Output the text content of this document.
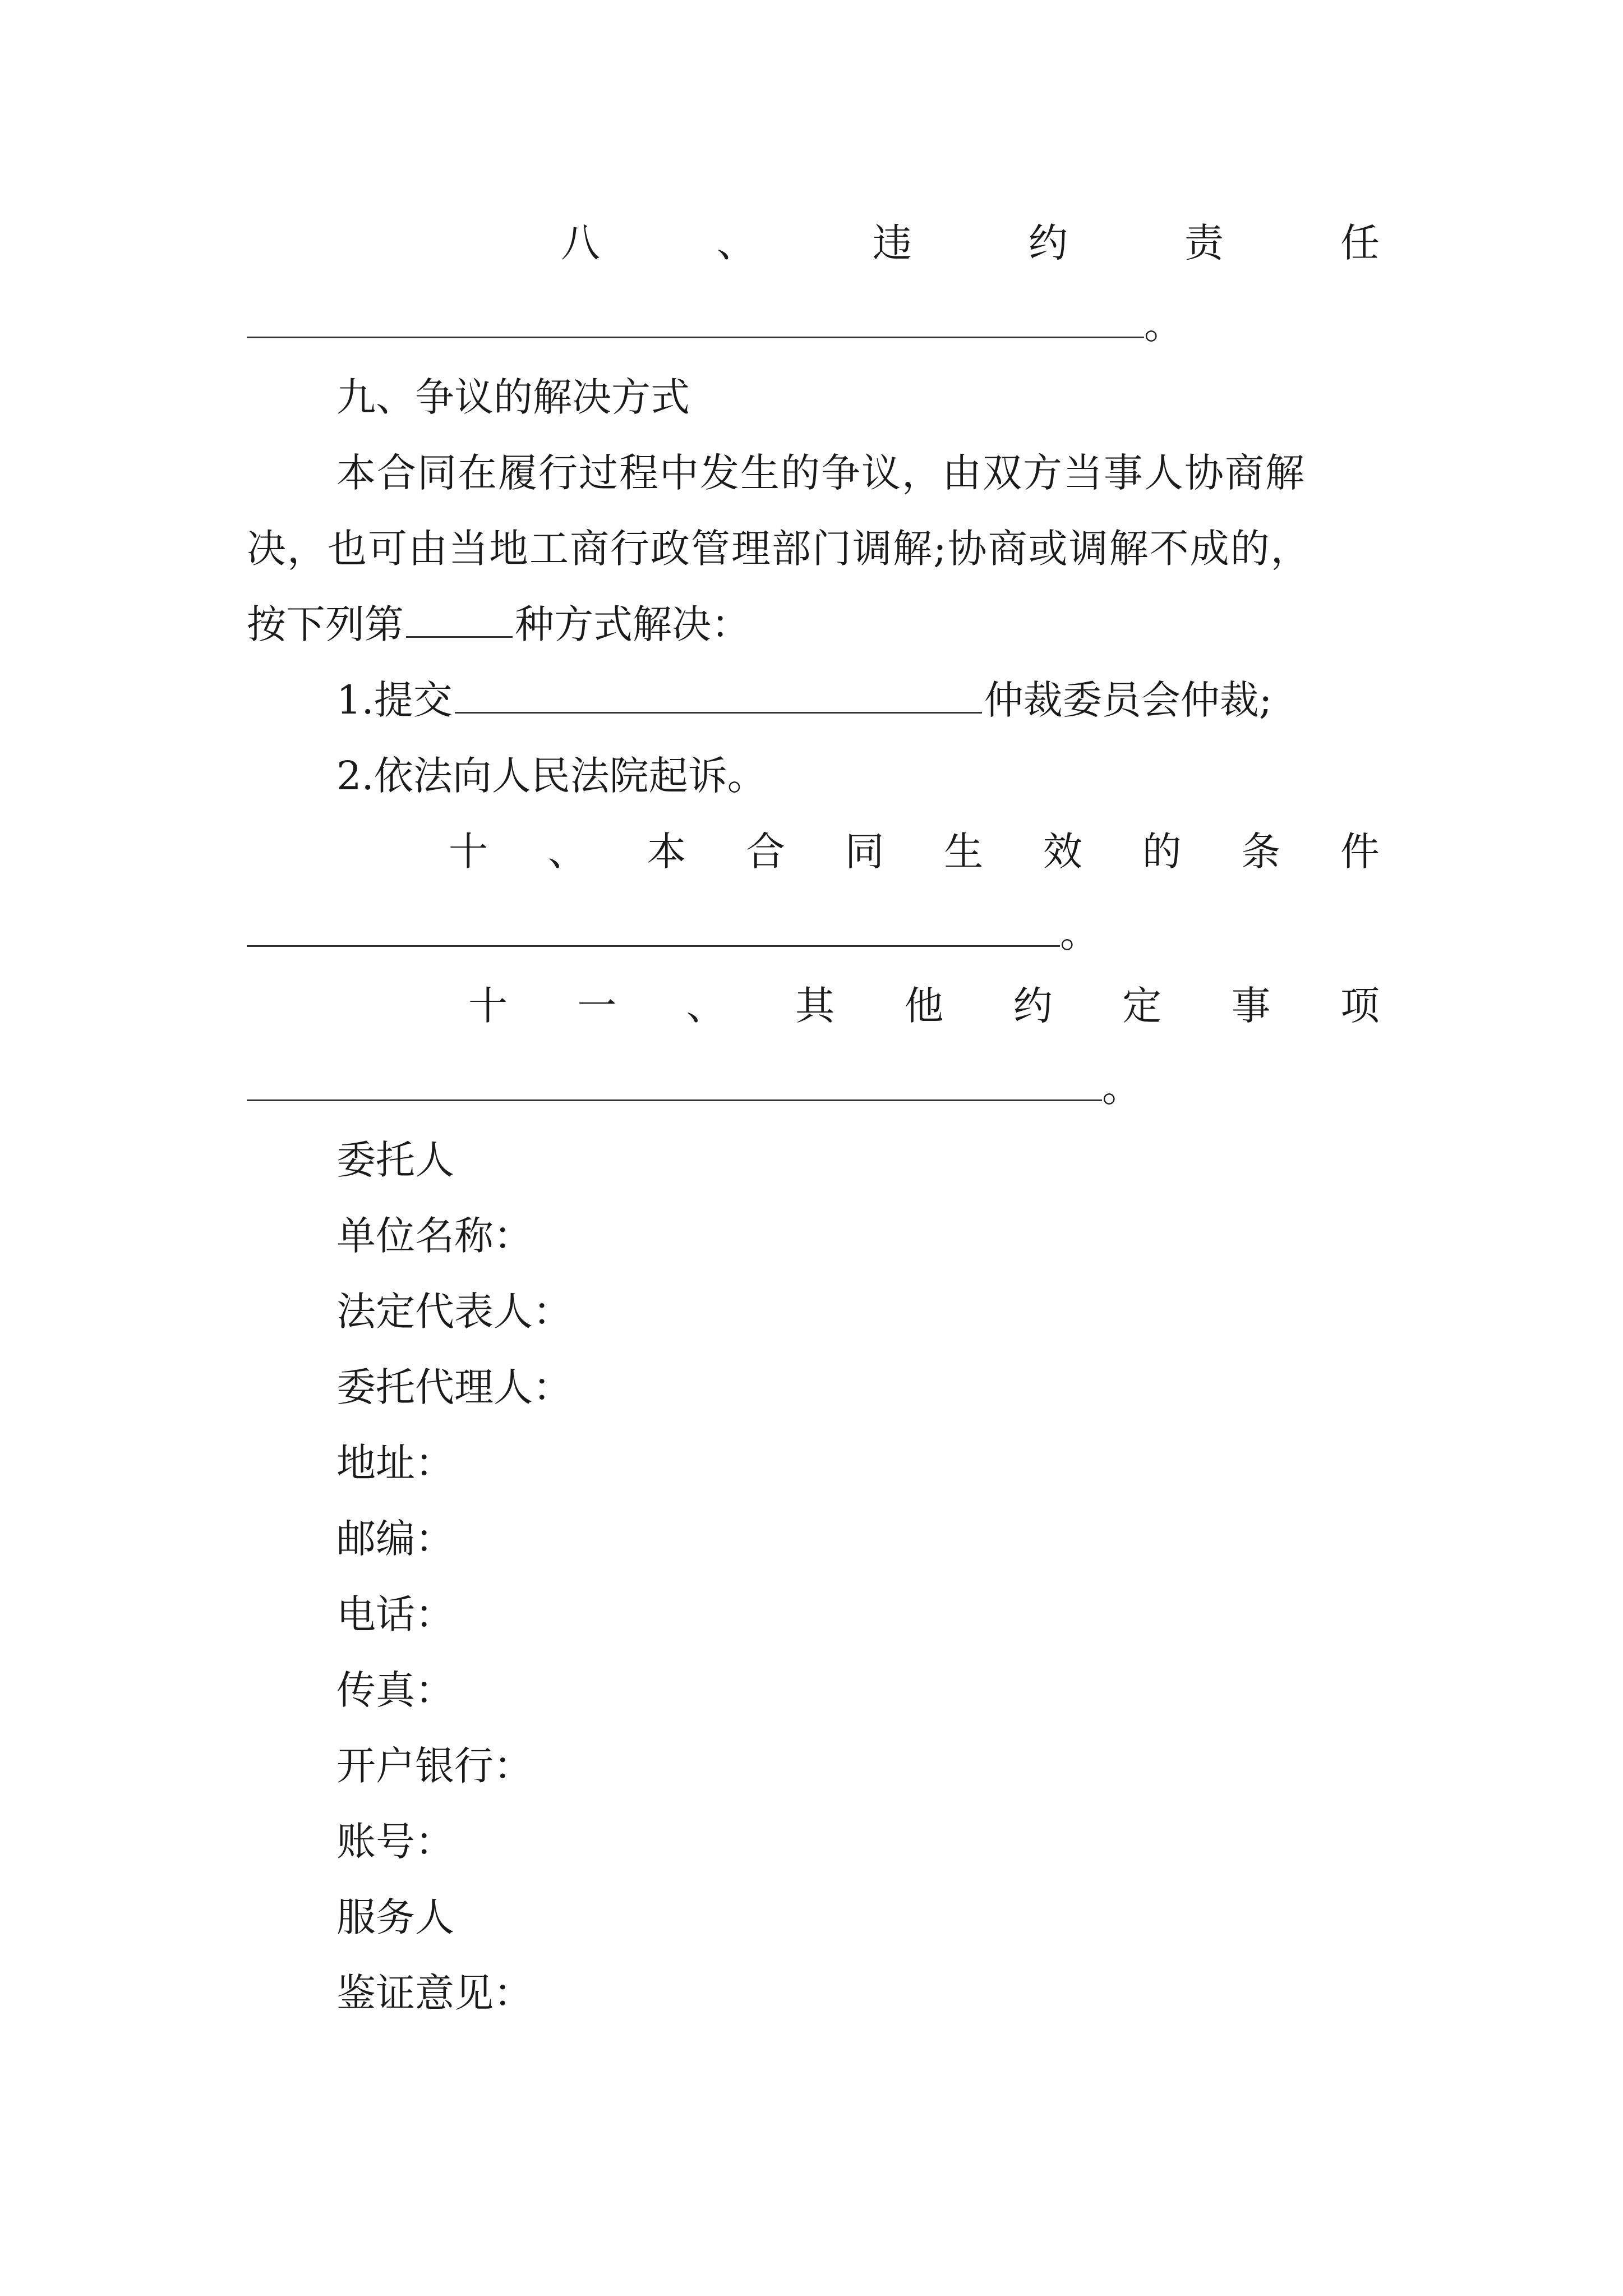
八	、	违	约	责	任
。
九、争议的解决方式
本合同在履行过程中发生的争议，由双方当事人协商解
决，也可由当地工商行政管理部门调解;协商或调解不成的，
按下列第	种方式解决：
1.提交	仲裁委员会仲裁;
2.依法向人民法院起诉。
十 、 本 合 同 生 效 的 条 件
。
十 一 、 其 他 约 定 事 项
。
委托人
单位名称：
法定代表人：
委托代理人：
地址：
邮编：
电话：
传真：
开户银行：
账号：
服务人
鉴证意见：
